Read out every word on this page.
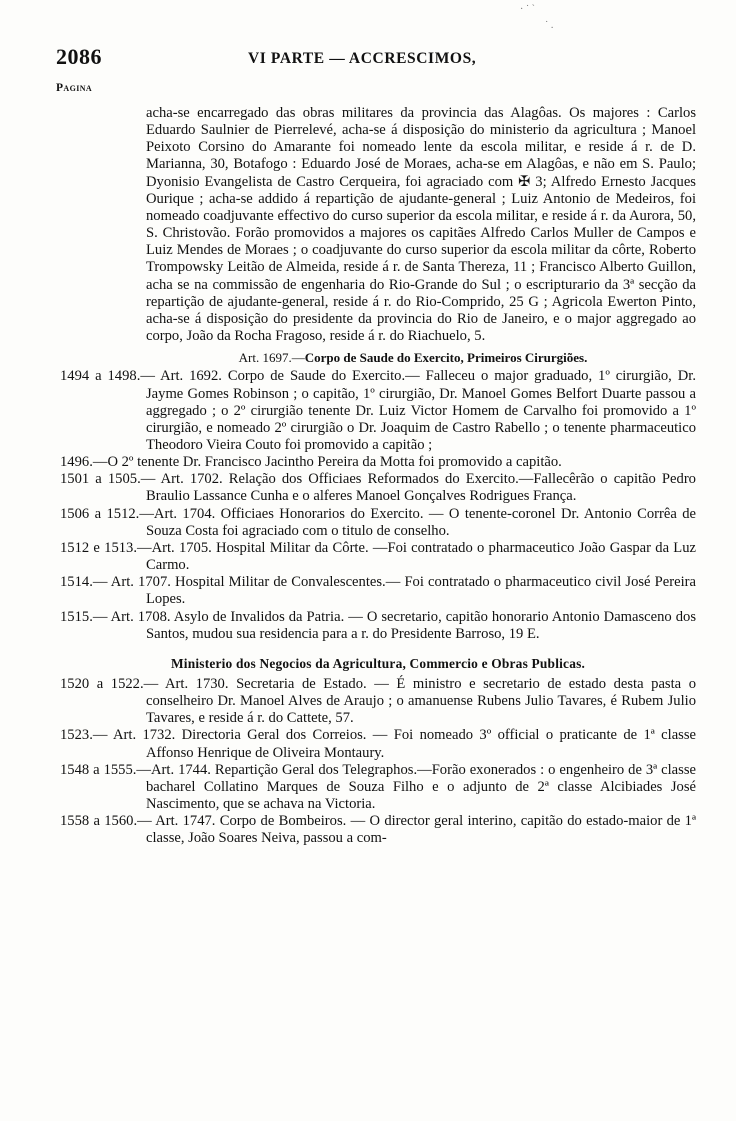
· ˙ `
˙ .
2086	VI PARTE — ACCRESCIMOS,
Pagina

acha-se encarregado das obras militares da provincia das Alagôas. Os majores : Carlos Eduardo Saulnier de Pierrelevé, acha-se á disposição do ministerio da agricultura ; Manoel Peixoto Corsino do Amarante foi nomeado lente da escola militar, e reside á r. de D. Marianna, 30, Botafogo : Eduardo José de Moraes, acha-se em Alagôas, e não em S. Paulo; Dyonisio Evangelista de Castro Cerqueira, foi agraciado com ✠ 3; Alfredo Ernesto Jacques Ourique ; acha-se addido á repartição de ajudante-general ; Luiz Antonio de Medeiros, foi nomeado coadjuvante effectivo do curso superior da escola militar, e reside á r. da Aurora, 50, S. Christovão. Forão promovidos a majores os capitães Alfredo Carlos Muller de Campos e Luiz Mendes de Moraes ; o coadjuvante do curso superior da escola militar da côrte, Roberto Trompowsky Leitão de Almeida, reside á r. de Santa Thereza, 11 ; Francisco Alberto Guillon, acha se na commissão de engenharia do Rio-Grande do Sul ; o escripturario da 3ª secção da repartição de ajudante-general, reside á r. do Rio-Comprido, 25 G ; Agricola Ewerton Pinto, acha-se á disposição do presidente da provincia do Rio de Janeiro, e o major aggregado ao corpo, João da Rocha Fragoso, reside á r. do Riachuelo, 5.

Art. 1697.—Corpo de Saude do Exercito, Primeiros Cirurgiões.

1494 a 1498.— Art. 1692. Corpo de Saude do Exercito.— Falleceu o major graduado, 1º cirurgião, Dr. Jayme Gomes Robinson ; o capitão, 1º cirurgião, Dr. Manoel Gomes Belfort Duarte passou a aggregado ; o 2º cirurgião tenente Dr. Luiz Victor Homem de Carvalho foi promovido a 1º cirurgião, e nomeado 2º cirurgião o Dr. Joaquim de Castro Rabello ; o tenente pharmaceutico Theodoro Vieira Couto foi promovido a capitão ;

1496.—O 2º tenente Dr. Francisco Jacintho Pereira da Motta foi promovido a capitão.

1501 a 1505.— Art. 1702. Relação dos Officiaes Reformados do Exercito.—Fallecêrão o capitão Pedro Braulio Lassance Cunha e o alferes Manoel Gonçalves Rodrigues França.

1506 a 1512.—Art. 1704. Officiaes Honorarios do Exercito. — O tenente-coronel Dr. Antonio Corrêa de Souza Costa foi agraciado com o titulo de conselho.

1512 e 1513.—Art. 1705. Hospital Militar da Côrte. —Foi contratado o pharmaceutico João Gaspar da Luz Carmo.

1514.— Art. 1707. Hospital Militar de Convalescentes.— Foi contratado o pharmaceutico civil José Pereira Lopes.

1515.— Art. 1708. Asylo de Invalidos da Patria. — O secretario, capitão honorario Antonio Damasceno dos Santos, mudou sua residencia para a r. do Presidente Barroso, 19 E.

Ministerio dos Negocios da Agricultura, Commercio e Obras Publicas.

1520 a 1522.— Art. 1730. Secretaria de Estado. — É ministro e secretario de estado desta pasta o conselheiro Dr. Manoel Alves de Araujo ; o amanuense Rubens Julio Tavares, é Rubem Julio Tavares, e reside á r. do Cattete, 57.

1523.— Art. 1732. Directoria Geral dos Correios. — Foi nomeado 3º official o praticante de 1ª classe Affonso Henrique de Oliveira Montaury.

1548 a 1555.—Art. 1744. Repartição Geral dos Telegraphos.—Forão exonerados : o engenheiro de 3ª classe bacharel Collatino Marques de Souza Filho e o adjunto de 2ª classe Alcibiades José Nascimento, que se achava na Victoria.

1558 a 1560.— Art. 1747. Corpo de Bombeiros. — O director geral interino, capitão do estado-maior de 1ª classe, João Soares Neiva, passou a com-
